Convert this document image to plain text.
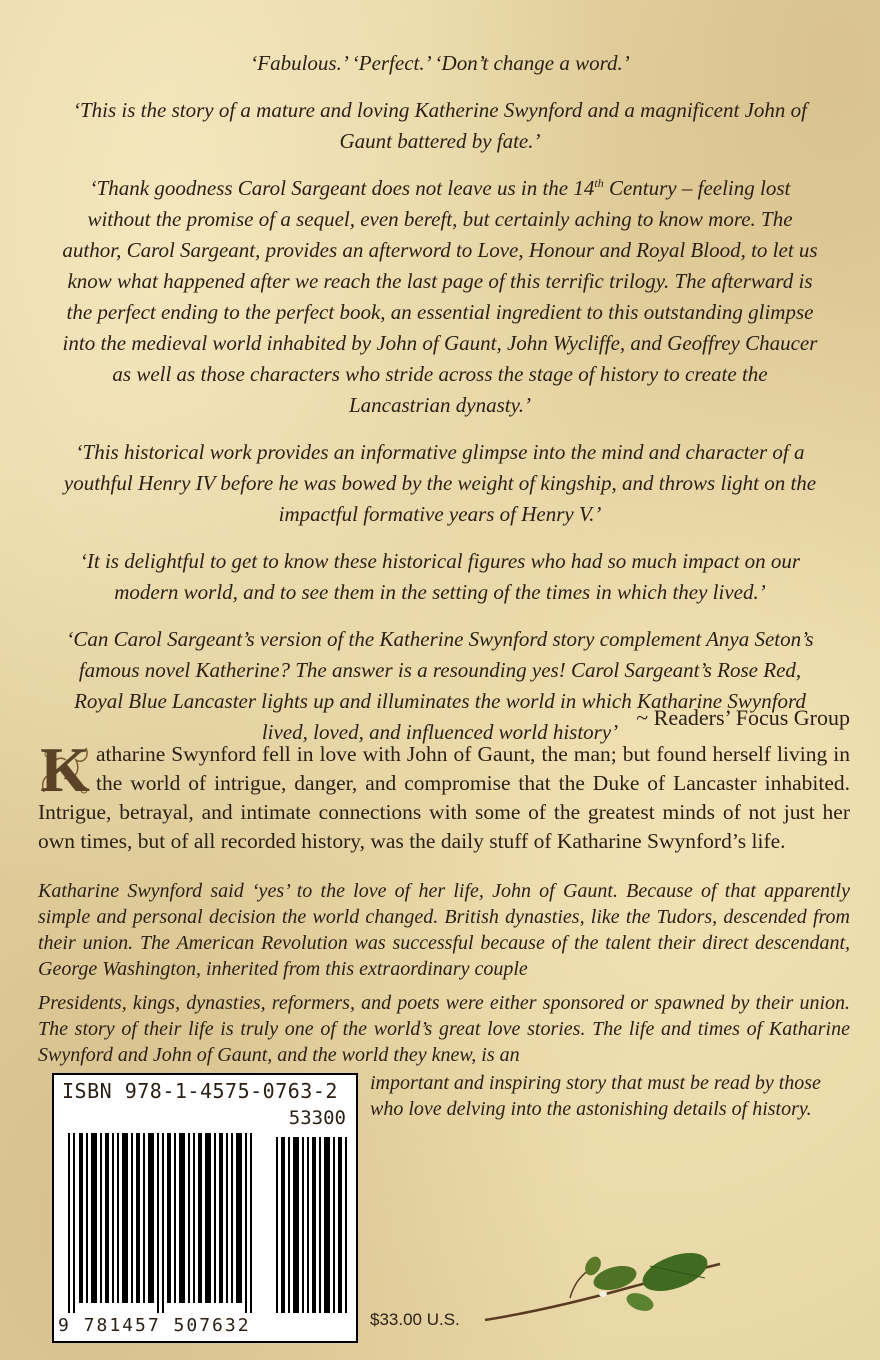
‘Fabulous.’ ‘Perfect.’ ‘Don’t change a word.’

‘This is the story of a mature and loving Katherine Swynford and a magnificent John of Gaunt battered by fate.’

‘Thank goodness Carol Sargeant does not leave us in the 14th Century – feeling lost without the promise of a sequel, even bereft, but certainly aching to know more. The author, Carol Sargeant, provides an afterword to Love, Honour and Royal Blood, to let us know what happened after we reach the last page of this terrific trilogy. The afterward is the perfect ending to the perfect book, an essential ingredient to this outstanding glimpse into the medieval world inhabited by John of Gaunt, John Wycliffe, and Geoffrey Chaucer as well as those characters who stride across the stage of history to create the Lancastrian dynasty.’

‘This historical work provides an informative glimpse into the mind and character of a youthful Henry IV before he was bowed by the weight of kingship, and throws light on the impactful formative years of Henry V.’

‘It is delightful to get to know these historical figures who had so much impact on our modern world, and to see them in the setting of the times in which they lived.’

‘Can Carol Sargeant’s version of the Katherine Swynford story complement Anya Seton’s famous novel Katherine? The answer is a resounding yes! Carol Sargeant’s Rose Red, Royal Blue Lancaster lights up and illuminates the world in which Katharine Swynford lived, loved, and influenced world history’

~ Readers’ Focus Group

K atharine Swynford fell in love with John of Gaunt, the man; but found herself living in the world of intrigue, danger, and compromise that the Duke of Lancaster inhabited. Intrigue, betrayal, and intimate connections with some of the greatest minds of not just her own times, but of all recorded history, was the daily stuff of Katharine Swynford’s life.

Katharine Swynford said ‘yes’ to the love of her life, John of Gaunt. Because of that apparently simple and personal decision the world changed. British dynasties, like the Tudors, descended from their union. The American Revolution was successful because of the talent their direct descendant, George Washington, inherited from this extraordinary couple

Presidents, kings, dynasties, reformers, and poets were either sponsored or spawned by their union. The story of their life is truly one of the world’s great love stories. The life and times of Katharine Swynford and John of Gaunt, and the world they knew, is an

important and inspiring story that must be read by those who love delving into the astonishing details of history.

ISBN 978-1-4575-0763-2
53300
9 781457 507632	$33.00 U.S.
